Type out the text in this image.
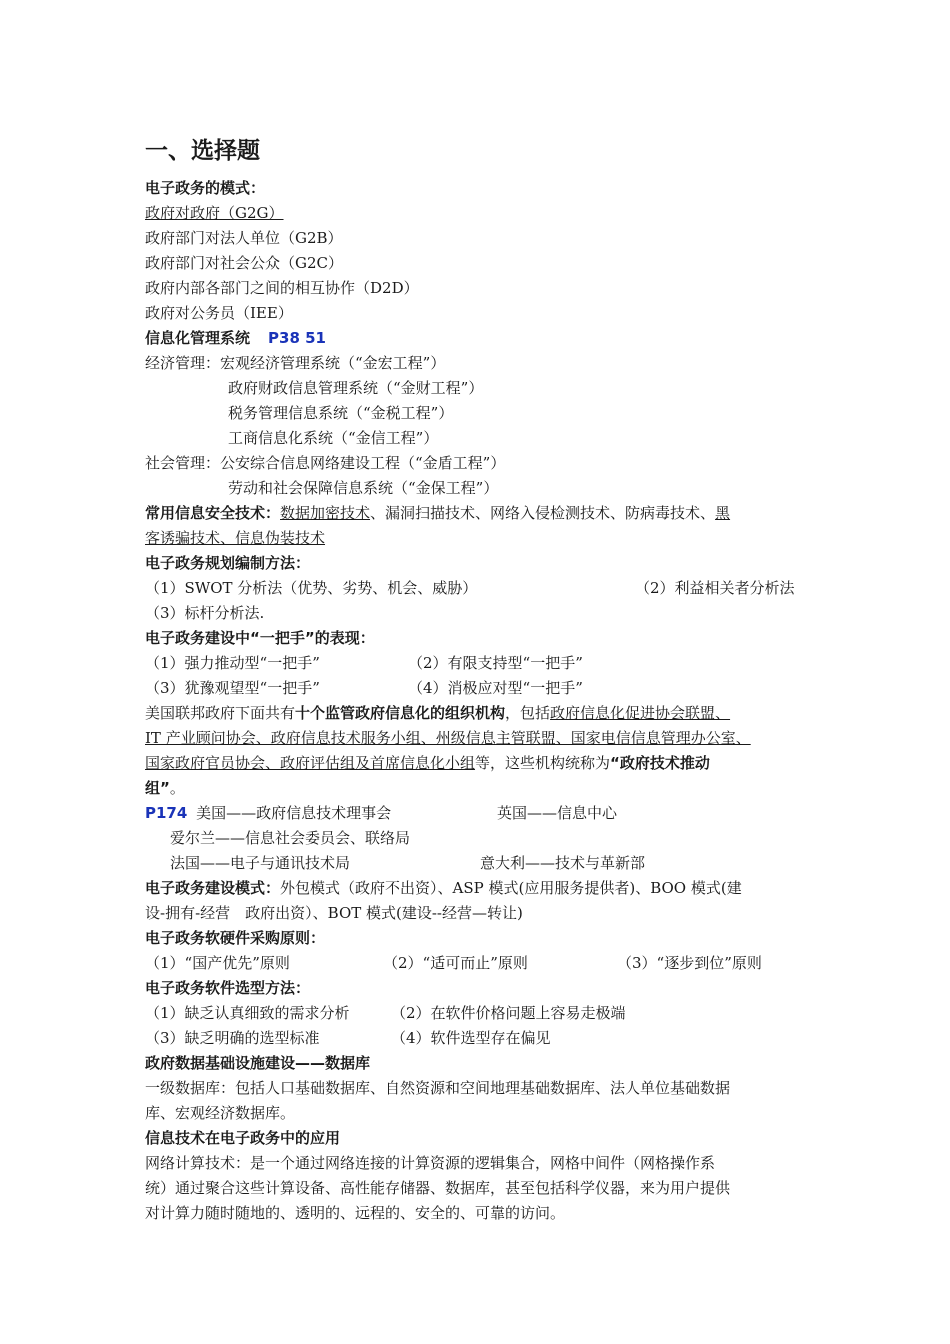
一、选择题
电子政务的模式：
政府对政府（G2G）
政府部门对法人单位（G2B）
政府部门对社会公众（G2C）
政府内部各部门之间的相互协作（D2D）
政府对公务员（IEE）
信息化管理系统 P38 51
经济管理：宏观经济管理系统（“金宏工程”）
政府财政信息管理系统（“金财工程”）
税务管理信息系统（“金税工程”）
工商信息化系统（“金信工程”）
社会管理：公安综合信息网络建设工程（“金盾工程”）
劳动和社会保障信息系统（“金保工程”）
常用信息安全技术：数据加密技术、漏洞扫描技术、网络入侵检测技术、防病毒技术、黑
客诱骗技术、信息伪装技术
电子政务规划编制方法：
（1）SWOT 分析法（优势、劣势、机会、威胁）	（2）利益相关者分析法
（3）标杆分析法.
电子政务建设中“一把手”的表现：
（1）强力推动型“一把手”	（2）有限支持型“一把手”
（3）犹豫观望型“一把手”	（4）消极应对型“一把手”
美国联邦政府下面共有十个监管政府信息化的组织机构，包括政府信息化促进协会联盟、
IT 产业顾问协会、政府信息技术服务小组、州级信息主管联盟、国家电信信息管理办公室、
国家政府官员协会、政府评估组及首席信息化小组等，这些机构统称为“政府技术推动
组”。
P174 美国——政府信息技术理事会	英国——信息中心
爱尔兰——信息社会委员会、联络局
法国——电子与通讯技术局	意大利——技术与革新部
电子政务建设模式：外包模式（政府不出资）、ASP 模式(应用服务提供者)、BOO 模式(建
设-拥有-经营　政府出资）、BOT 模式(建设--经营—转让)
电子政务软硬件采购原则：
（1）“国产优先”原则	（2）“适可而止”原则	（3）“逐步到位”原则
电子政务软件选型方法：
（1）缺乏认真细致的需求分析	（2）在软件价格问题上容易走极端
（3）缺乏明确的选型标准	（4）软件选型存在偏见
政府数据基础设施建设——数据库
一级数据库：包括人口基础数据库、自然资源和空间地理基础数据库、法人单位基础数据
库、宏观经济数据库。
信息技术在电子政务中的应用
网络计算技术：是一个通过网络连接的计算资源的逻辑集合，网格中间件（网格操作系
统）通过聚合这些计算设备、高性能存储器、数据库，甚至包括科学仪器，来为用户提供
对计算力随时随地的、透明的、远程的、安全的、可靠的访问。
